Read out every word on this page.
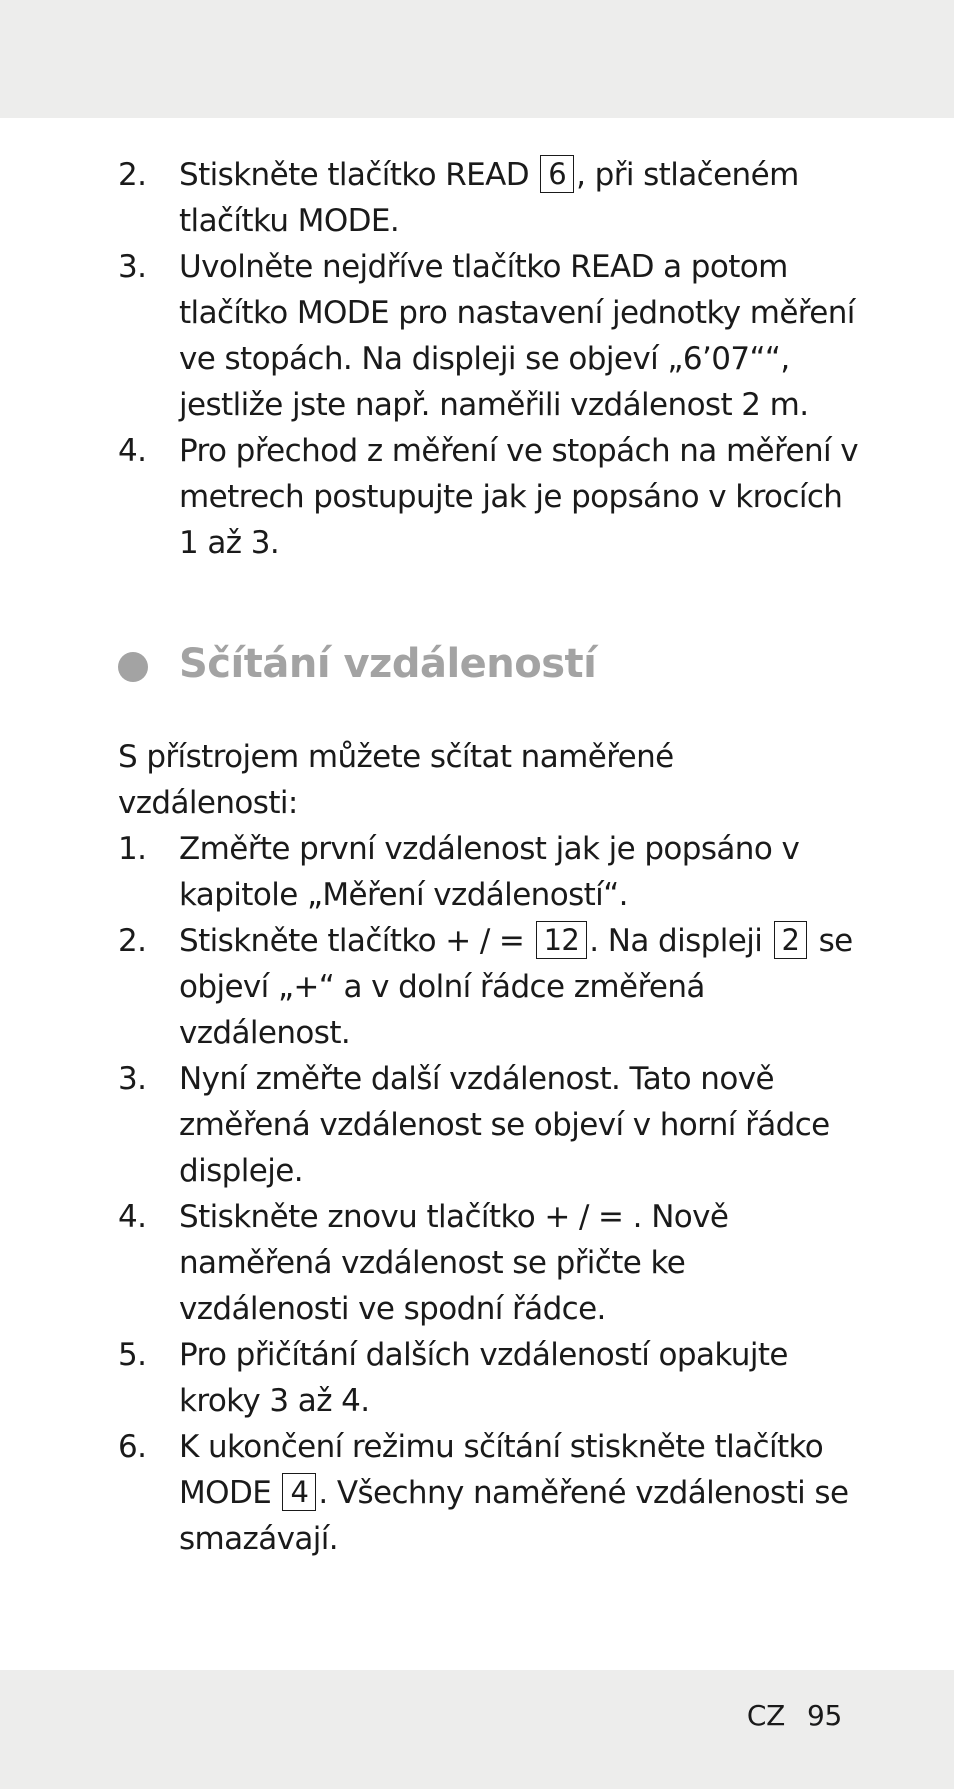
2. Stiskněte tlačítko READ 6 , při stlačeném tlačítku MODE.
3. Uvolněte nejdříve tlačítko READ a potom tlačítko MODE pro nastavení jednotky měření ve stopách. Na displeji se objeví „6’07““, jestliže jste např. naměřili vzdálenost 2 m.
4. Pro přechod z měření ve stopách na měření v metrech postupujte jak je popsáno v krocích 1 až 3.
Sčítání vzdáleností
S přístrojem můžete sčítat naměřené vzdálenosti:
1. Změřte první vzdálenost jak je popsáno v kapitole „Měření vzdáleností“.
2. Stiskněte tlačítko + / = 12 . Na displeji 2 se objeví „+“ a v dolní řádce změřená vzdálenost.
3. Nyní změřte další vzdálenost. Tato nově změřená vzdálenost se objeví v horní řádce displeje.
4. Stiskněte znovu tlačítko + / = . Nově naměřená vzdálenost se přičte ke vzdálenosti ve spodní řádce.
5. Pro přičítání dalších vzdáleností opakujte kroky 3 až 4.
6. K ukončení režimu sčítání stiskněte tlačítko MODE 4 . Všechny naměřené vzdálenosti se smazávají.
CZ 95
